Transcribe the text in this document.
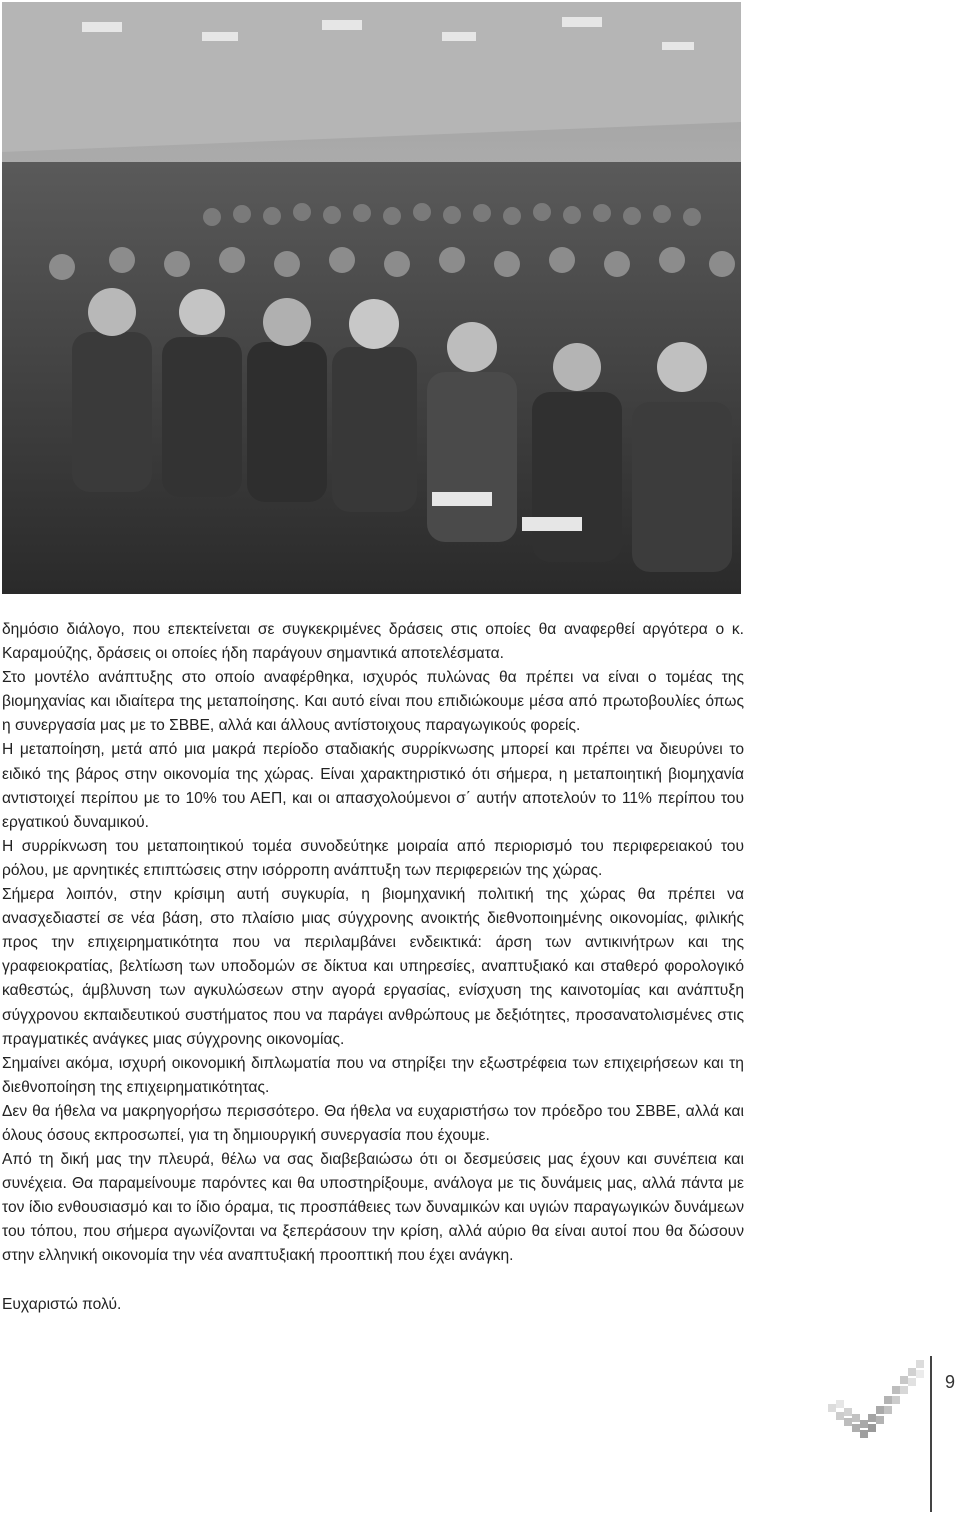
δημόσιο διάλογο, που επεκτείνεται σε συγκεκριμένες δράσεις στις οποίες θα αναφερθεί αργότερα ο κ. Καραμούζης, δράσεις οι οποίες ήδη παράγουν σημαντικά αποτελέσματα.

Στο μοντέλο ανάπτυξης στο οποίο αναφέρθηκα, ισχυρός πυλώνας θα πρέπει να είναι ο τομέας της βιομηχανίας και ιδιαίτερα της μεταποίησης. Και αυτό είναι που επιδιώκουμε μέσα από πρωτοβουλίες όπως η συνεργασία μας με το ΣΒΒΕ, αλλά και άλλους αντίστοιχους παραγωγικούς φορείς.

Η μεταποίηση, μετά από μια μακρά περίοδο σταδιακής συρρίκνωσης μπορεί και πρέπει να διευρύνει το ειδικό της βάρος στην οικονομία της χώρας. Είναι χαρακτηριστικό ότι σήμερα, η μεταποιητική βιομηχανία αντιστοιχεί περίπου με το 10% του ΑΕΠ, και οι απασχολούμενοι σ΄ αυτήν αποτελούν το 11% περίπου του εργατικού δυναμικού.

Η συρρίκνωση του μεταποιητικού τομέα συνοδεύτηκε μοιραία από περιορισμό του περιφερειακού του ρόλου, με αρνητικές επιπτώσεις στην ισόρροπη ανάπτυξη των περιφερειών της χώρας.

Σήμερα λοιπόν, στην κρίσιμη αυτή συγκυρία, η βιομηχανική πολιτική της χώρας θα πρέπει να ανασχεδιαστεί σε νέα βάση, στο πλαίσιο μιας σύγχρονης ανοικτής διεθνοποιημένης οικονομίας, φιλικής προς την επιχειρηματικότητα που να περιλαμβάνει ενδεικτικά: άρση των αντικινήτρων και της γραφειοκρατίας, βελτίωση των υποδομών σε δίκτυα και υπηρεσίες, αναπτυξιακό και σταθερό φορολογικό καθεστώς, άμβλυνση των αγκυλώσεων στην αγορά εργασίας, ενίσχυση της καινοτομίας και ανάπτυξη σύγχρονου εκπαιδευτικού συστήματος που να παράγει ανθρώπους με δεξιότητες, προσανατολισμένες στις πραγματικές ανάγκες μιας σύγχρονης οικονομίας.

Σημαίνει ακόμα, ισχυρή οικονομική διπλωματία που να στηρίξει την εξωστρέφεια των επιχειρήσεων και τη διεθνοποίηση της επιχειρηματικότητας.

Δεν θα ήθελα να μακρηγορήσω περισσότερο. Θα ήθελα να ευχαριστήσω τον πρόεδρο του ΣΒΒΕ, αλλά και όλους όσους εκπροσωπεί, για τη δημιουργική συνεργασία που έχουμε.

Από τη δική μας την πλευρά, θέλω να σας διαβεβαιώσω ότι οι δεσμεύσεις μας έχουν και συνέπεια και συνέχεια. Θα παραμείνουμε παρόντες και θα υποστηρίξουμε, ανάλογα με τις δυνάμεις μας, αλλά πάντα με τον ίδιο ενθουσιασμό και το ίδιο όραμα, τις προσπάθειες των δυναμικών και υγιών παραγωγικών δυνάμεων του τόπου, που σήμερα αγωνίζονται να ξεπεράσουν την κρίση, αλλά αύριο θα είναι αυτοί που θα δώσουν στην ελληνική οικονομία την νέα αναπτυξιακή προοπτική που έχει ανάγκη.

Ευχαριστώ πολύ.

9
